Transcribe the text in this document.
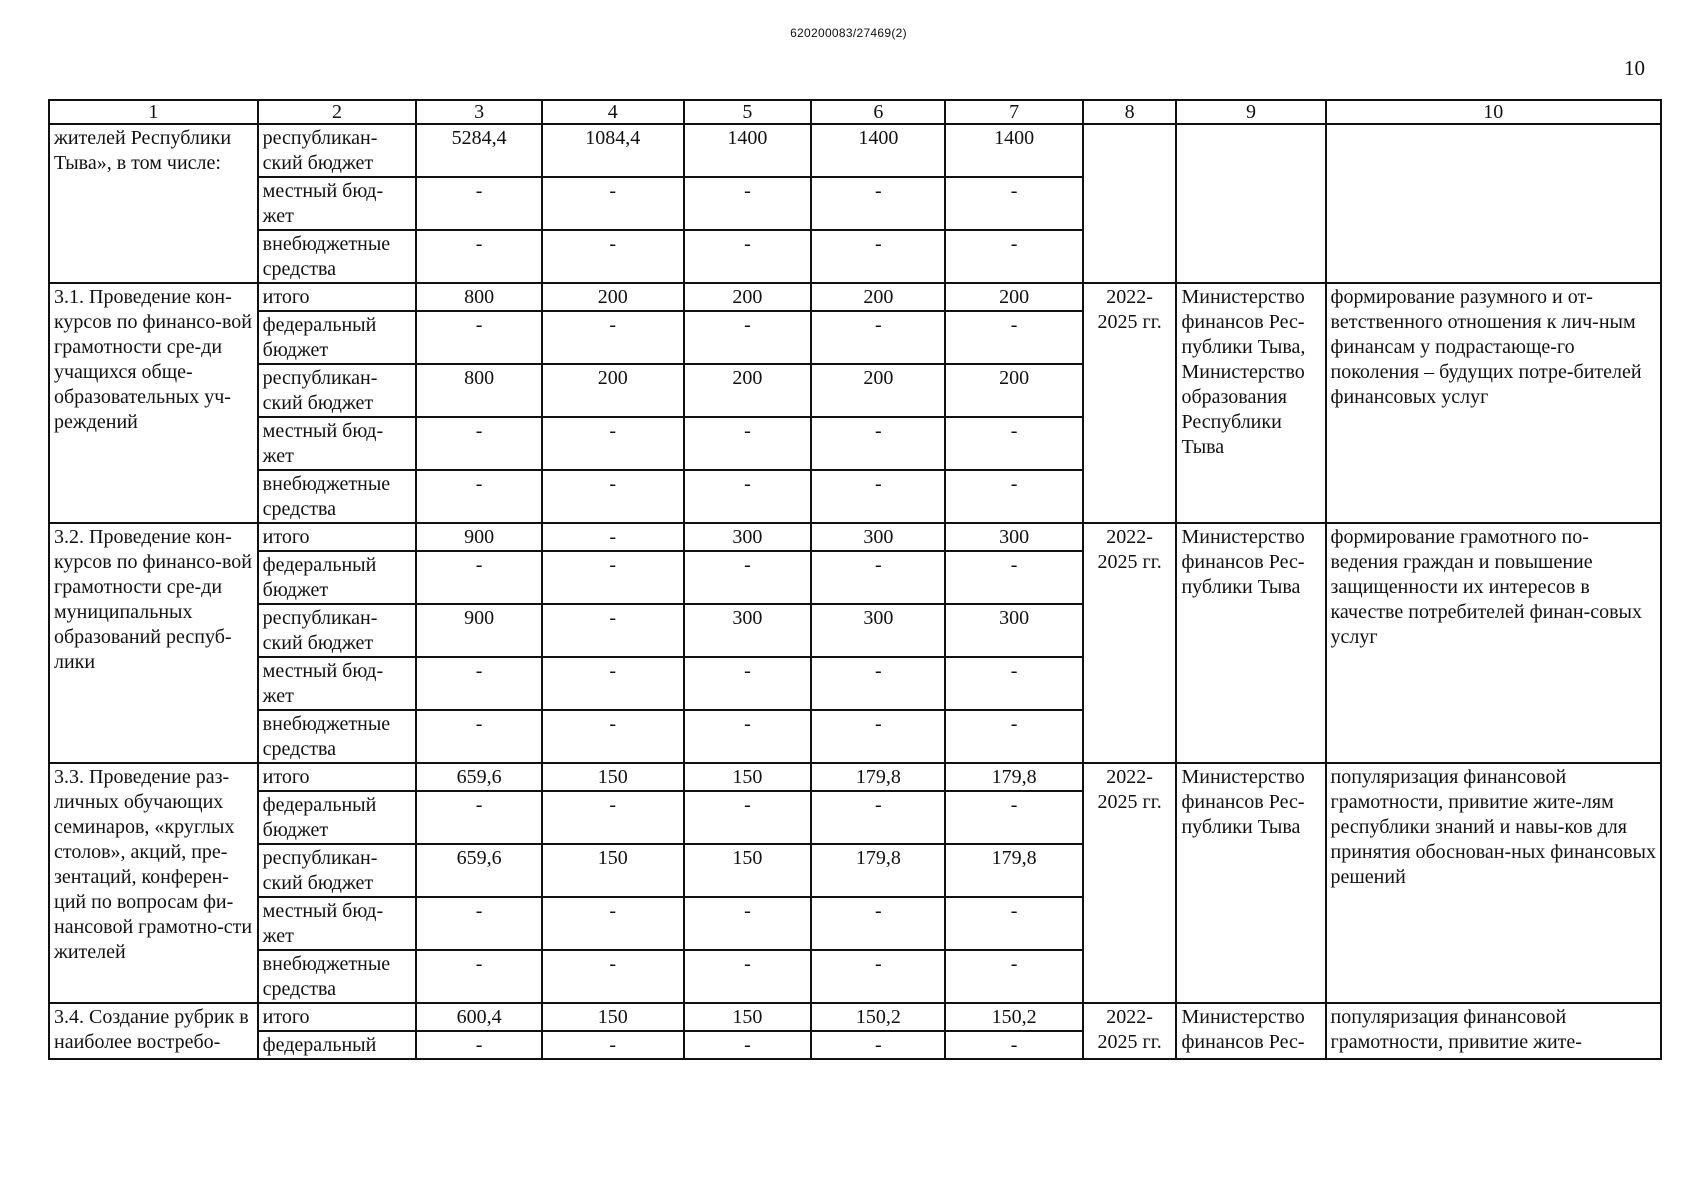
620200083/27469(2)
10
1	2	3	4	5	6	7	8	9	10
жителей Республики Тыва», в том числе:	республикан-ский бюджет	5284,4	1084,4	1400	1400	1400			
	местный бюд-жет	-	-	-	-	-			
	внебюджетные средства	-	-	-	-	-			
3.1. Проведение кон-курсов по финансо-вой грамотности сре-ди учащихся обще-образовательных уч-реждений	итого	800	200	200	200	200	2022-2025 гг.	Министерство финансов Рес-публики Тыва, Министерство образования Республики Тыва	формирование разумного и от-ветственного отношения к лич-ным финансам у подрастающе-го поколения – будущих потре-бителей финансовых услуг
	федеральный бюджет	-	-	-	-	-			
	республикан-ский бюджет	800	200	200	200	200			
	местный бюд-жет	-	-	-	-	-			
	внебюджетные средства	-	-	-	-	-			
3.2. Проведение кон-курсов по финансо-вой грамотности сре-ди муниципальных образований респуб-лики	итого	900	-	300	300	300	2022-2025 гг.	Министерство финансов Рес-публики Тыва	формирование грамотного по-ведения граждан и повышение защищенности их интересов в качестве потребителей финан-совых услуг
	федеральный бюджет	-	-	-	-	-			
	республикан-ский бюджет	900	-	300	300	300			
	местный бюд-жет	-	-	-	-	-			
	внебюджетные средства	-	-	-	-	-			
3.3. Проведение раз-личных обучающих семинаров, «круглых столов», акций, пре-зентаций, конферен-ций по вопросам фи-нансовой грамотно-сти жителей	итого	659,6	150	150	179,8	179,8	2022-2025 гг.	Министерство финансов Рес-публики Тыва	популяризация финансовой грамотности, привитие жите-лям республики знаний и навы-ков для принятия обоснован-ных финансовых решений
	федеральный бюджет	-	-	-	-	-			
	республикан-ский бюджет	659,6	150	150	179,8	179,8			
	местный бюд-жет	-	-	-	-	-			
	внебюджетные средства	-	-	-	-	-			
3.4. Создание рубрик в наиболее востребо-	итого	600,4	150	150	150,2	150,2	2022-2025 гг.	Министерство финансов Рес-	популяризация финансовой грамотности, привитие жите-
	федеральный	-	-	-	-	-			
